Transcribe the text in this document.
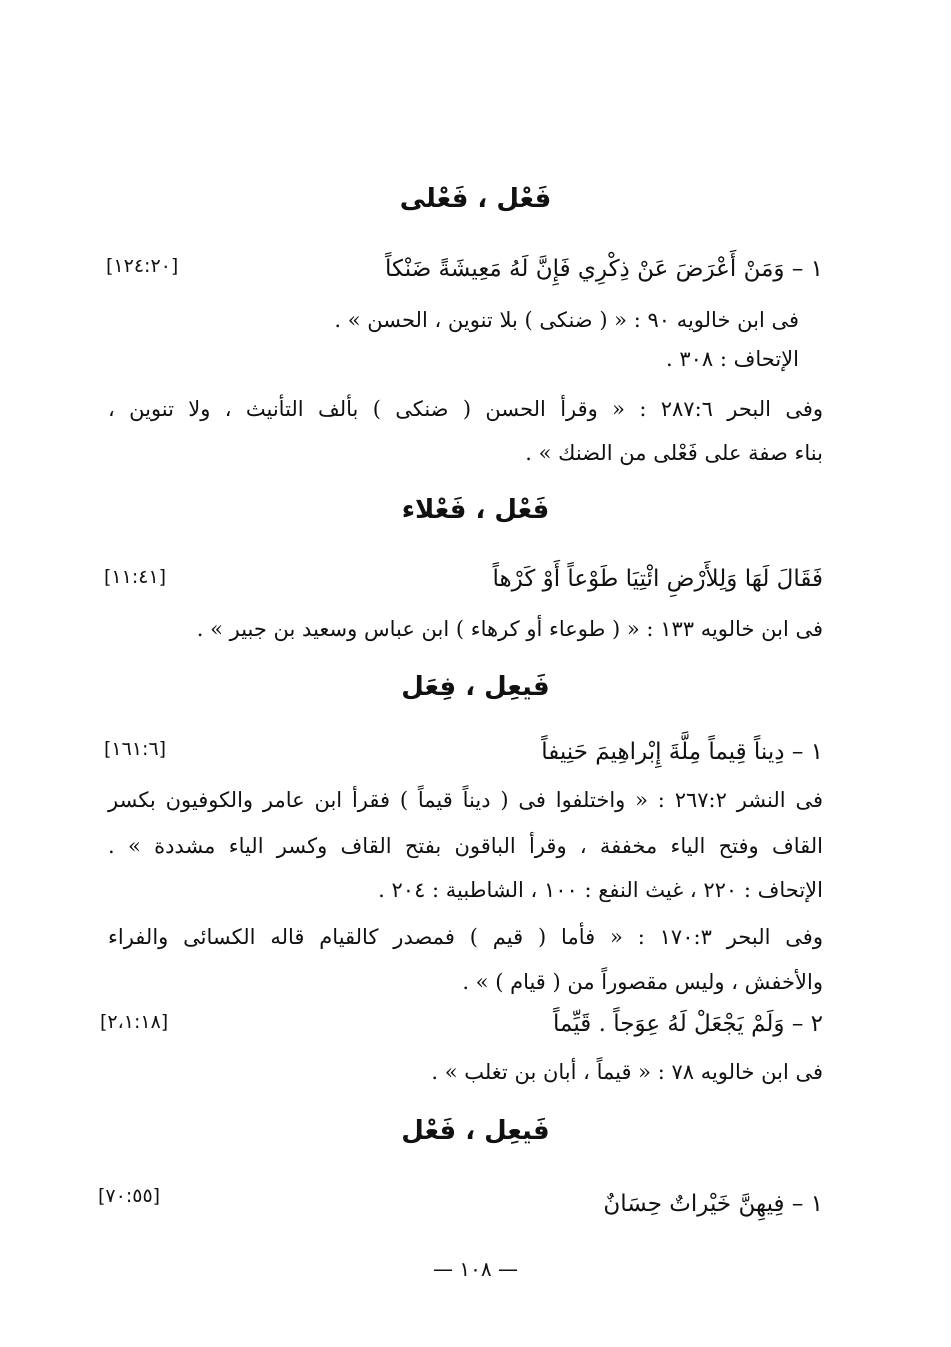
فَعْل ، فَعْلى
١ – وَمَنْ أَعْرَضَ عَنْ ذِكْرِي فَإِنَّ لَهُ مَعِيشَةً ضَنْكاً
[١٢٤:٢٠]
فى ابن خالويه ٩٠ : « ( ضنكى ) بلا تنوين ، الحسن » .
الإتحاف : ٣٠٨ .
وفى البحر ٢٨٧:٦ : « وقرأ الحسن ( ضنكى ) بألف التأنيث ، ولا تنوين ،
بناء صفة على فَعْلى من الضنك » .
فَعْل ، فَعْلاء
فَقَالَ لَهَا وَلِلأَرْضِ ائْتِيَا طَوْعاً أَوْ كَرْهاً
[١١:٤١]
فى ابن خالويه ١٣٣ : « ( طوعاء أو كرهاء ) ابن عباس وسعيد بن جبير » .
فَيعِل ، فِعَل
١ – دِيناً قِيماً مِلَّةَ إِبْراهِيمَ حَنِيفاً
[١٦١:٦]
فى النشر ٢٦٧:٢ : « واختلفوا فى ( ديناً قيماً ) فقرأ ابن عامر والكوفيون بكسر
القاف وفتح الياء مخففة ، وقرأ الباقون بفتح القاف وكسر الياء مشددة » .
الإتحاف : ٢٢٠ ، غيث النفع : ١٠٠ ، الشاطبية : ٢٠٤ .
وفى البحر ١٧٠:٣ : « فأما ( قيم ) فمصدر كالقيام قاله الكسائى والفراء
والأخفش ، وليس مقصوراً من ( قيام ) » .
٢ – وَلَمْ يَجْعَلْ لَهُ عِوَجاً . قَيِّماً
[٢،١:١٨]
فى ابن خالويه ٧٨ : « قيماً ، أبان بن تغلب » .
فَيعِل ، فَعْل
١ – فِيهِنَّ خَيْراتٌ حِسَانٌ
[٧٠:٥٥]
— ١٠٨ —
